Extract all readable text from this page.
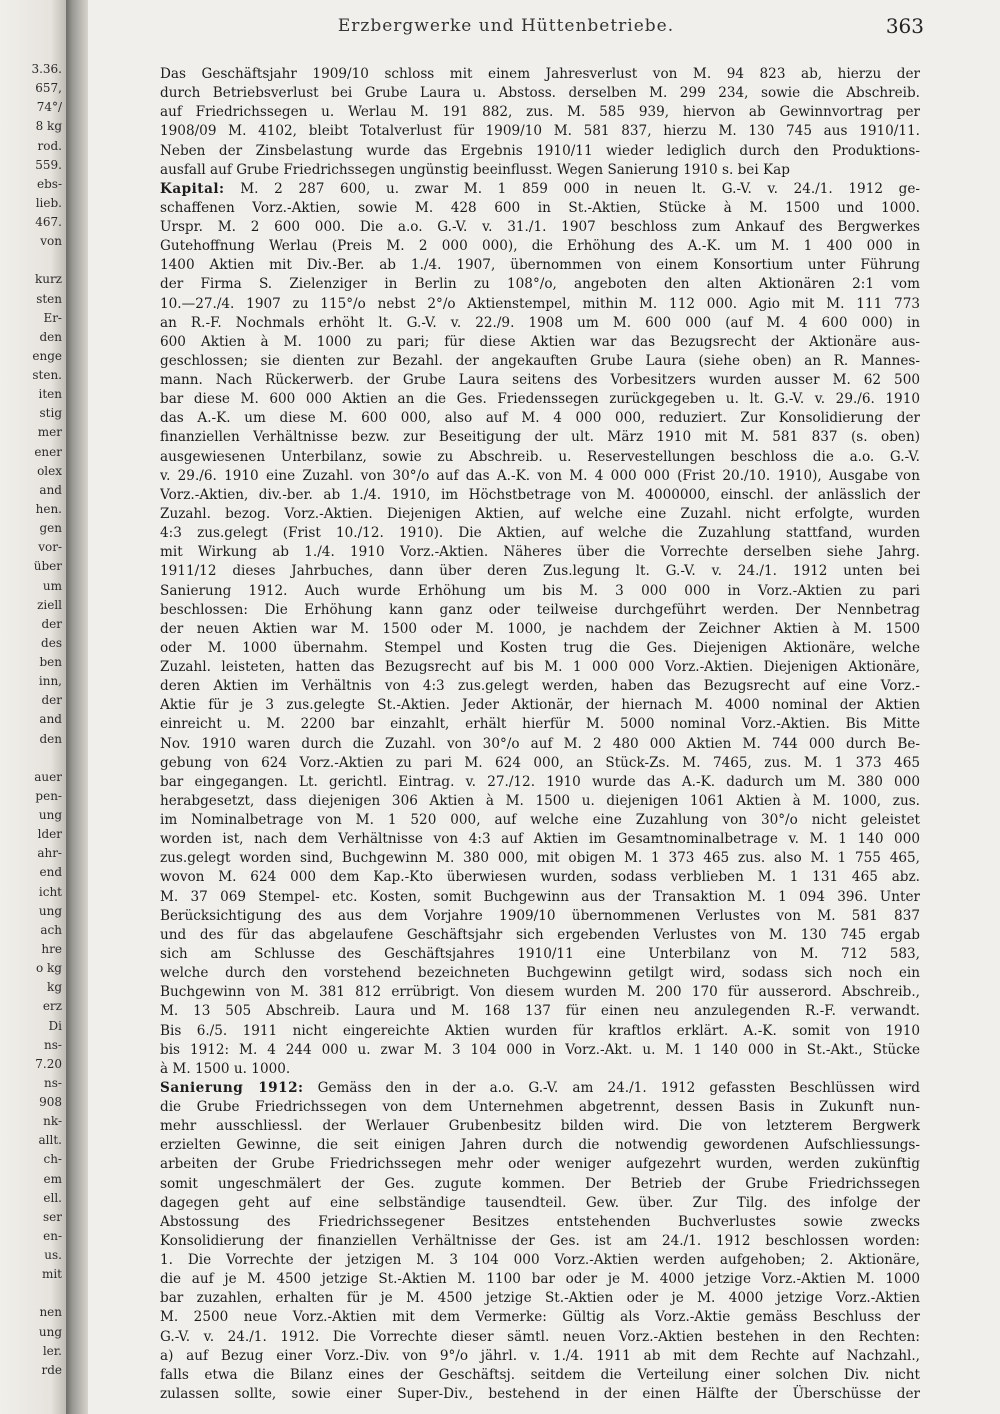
3.36.
657,
74°/
8 kg
rod.
559.
ebs-
lieb.
467.
von
kurz
sten
Er-
den
enge
sten.
iten
stig
mer
ener
olex
and
hen.
gen
vor-
über
um
ziell
der
des
ben
inn,
der
and
den
auer
pen-
ung
lder
ahr-
end
icht
ung
ach
hre
o kg
kg
erz
Di
ns-
7.20
ns-
908
nk-
allt.
ch-
em
ell.
ser
en-
us.
mit
nen
ung
ler.
rde
Erzbergwerke und Hüttenbetriebe.	363
Das Geschäftsjahr 1909/10 schloss mit einem Jahresverlust von M. 94 823 ab, hierzu der
durch Betriebsverlust bei Grube Laura u. Abstoss. derselben M. 299 234, sowie die Abschreib.
auf Friedrichssegen u. Werlau M. 191 882, zus. M. 585 939, hiervon ab Gewinnvortrag per
1908/09 M. 4102, bleibt Totalverlust für 1909/10 M. 581 837, hierzu M. 130 745 aus 1910/11.
Neben der Zinsbelastung wurde das Ergebnis 1910/11 wieder lediglich durch den Produktions-
ausfall auf Grube Friedrichssegen ungünstig beeinflusst. Wegen Sanierung 1910 s. bei Kap
Kapital: M. 2 287 600, u. zwar M. 1 859 000 in neuen lt. G.-V. v. 24./1. 1912 ge-
schaffenen Vorz.-Aktien, sowie M. 428 600 in St.-Aktien, Stücke à M. 1500 und 1000.
Urspr. M. 2 600 000. Die a.o. G.-V. v. 31./1. 1907 beschloss zum Ankauf des Bergwerkes
Gutehoffnung Werlau (Preis M. 2 000 000), die Erhöhung des A.-K. um M. 1 400 000 in
1400 Aktien mit Div.-Ber. ab 1./4. 1907, übernommen von einem Konsortium unter Führung
der Firma S. Zielenziger in Berlin zu 108°/o, angeboten den alten Aktionären 2:1 vom
10.—27./4. 1907 zu 115°/o nebst 2°/o Aktienstempel, mithin M. 112 000. Agio mit M. 111 773
an R.-F. Nochmals erhöht lt. G.-V. v. 22./9. 1908 um M. 600 000 (auf M. 4 600 000) in
600 Aktien à M. 1000 zu pari; für diese Aktien war das Bezugsrecht der Aktionäre aus-
geschlossen; sie dienten zur Bezahl. der angekauften Grube Laura (siehe oben) an R. Mannes-
mann. Nach Rückerwerb. der Grube Laura seitens des Vorbesitzers wurden ausser M. 62 500
bar diese M. 600 000 Aktien an die Ges. Friedenssegen zurückgegeben u. lt. G.-V. v. 29./6. 1910
das A.-K. um diese M. 600 000, also auf M. 4 000 000, reduziert. Zur Konsolidierung der
finanziellen Verhältnisse bezw. zur Beseitigung der ult. März 1910 mit M. 581 837 (s. oben)
ausgewiesenen Unterbilanz, sowie zu Abschreib. u. Reservestellungen beschloss die a.o. G.-V.
v. 29./6. 1910 eine Zuzahl. von 30°/o auf das A.-K. von M. 4 000 000 (Frist 20./10. 1910), Ausgabe von
Vorz.-Aktien, div.-ber. ab 1./4. 1910, im Höchstbetrage von M. 4000000, einschl. der anlässlich der
Zuzahl. bezog. Vorz.-Aktien. Diejenigen Aktien, auf welche eine Zuzahl. nicht erfolgte, wurden
4:3 zus.gelegt (Frist 10./12. 1910). Die Aktien, auf welche die Zuzahlung stattfand, wurden
mit Wirkung ab 1./4. 1910 Vorz.-Aktien. Näheres über die Vorrechte derselben siehe Jahrg.
1911/12 dieses Jahrbuches, dann über deren Zus.legung lt. G.-V. v. 24./1. 1912 unten bei
Sanierung 1912. Auch wurde Erhöhung um bis M. 3 000 000 in Vorz.-Aktien zu pari
beschlossen: Die Erhöhung kann ganz oder teilweise durchgeführt werden. Der Nennbetrag
der neuen Aktien war M. 1500 oder M. 1000, je nachdem der Zeichner Aktien à M. 1500
oder M. 1000 übernahm. Stempel und Kosten trug die Ges. Diejenigen Aktionäre, welche
Zuzahl. leisteten, hatten das Bezugsrecht auf bis M. 1 000 000 Vorz.-Aktien. Diejenigen Aktionäre,
deren Aktien im Verhältnis von 4:3 zus.gelegt werden, haben das Bezugsrecht auf eine Vorz.-
Aktie für je 3 zus.gelegte St.-Aktien. Jeder Aktionär, der hiernach M. 4000 nominal der Aktien
einreicht u. M. 2200 bar einzahlt, erhält hierfür M. 5000 nominal Vorz.-Aktien. Bis Mitte
Nov. 1910 waren durch die Zuzahl. von 30°/o auf M. 2 480 000 Aktien M. 744 000 durch Be-
gebung von 624 Vorz.-Aktien zu pari M. 624 000, an Stück-Zs. M. 7465, zus. M. 1 373 465
bar eingegangen. Lt. gerichtl. Eintrag. v. 27./12. 1910 wurde das A.-K. dadurch um M. 380 000
herabgesetzt, dass diejenigen 306 Aktien à M. 1500 u. diejenigen 1061 Aktien à M. 1000, zus.
im Nominalbetrage von M. 1 520 000, auf welche eine Zuzahlung von 30°/o nicht geleistet
worden ist, nach dem Verhältnisse von 4:3 auf Aktien im Gesamtnominalbetrage v. M. 1 140 000
zus.gelegt worden sind, Buchgewinn M. 380 000, mit obigen M. 1 373 465 zus. also M. 1 755 465,
wovon M. 624 000 dem Kap.-Kto überwiesen wurden, sodass verblieben M. 1 131 465 abz.
M. 37 069 Stempel- etc. Kosten, somit Buchgewinn aus der Transaktion M. 1 094 396. Unter
Berücksichtigung des aus dem Vorjahre 1909/10 übernommenen Verlustes von M. 581 837
und des für das abgelaufene Geschäftsjahr sich ergebenden Verlustes von M. 130 745 ergab
sich am Schlusse des Geschäftsjahres 1910/11 eine Unterbilanz von M. 712 583,
welche durch den vorstehend bezeichneten Buchgewinn getilgt wird, sodass sich noch ein
Buchgewinn von M. 381 812 errübrigt. Von diesem wurden M. 200 170 für ausserord. Abschreib.,
M. 13 505 Abschreib. Laura und M. 168 137 für einen neu anzulegenden R.-F. verwandt.
Bis 6./5. 1911 nicht eingereichte Aktien wurden für kraftlos erklärt. A.-K. somit von 1910
bis 1912: M. 4 244 000 u. zwar M. 3 104 000 in Vorz.-Akt. u. M. 1 140 000 in St.-Akt., Stücke
à M. 1500 u. 1000.
Sanierung 1912: Gemäss den in der a.o. G.-V. am 24./1. 1912 gefassten Beschlüssen wird
die Grube Friedrichssegen von dem Unternehmen abgetrennt, dessen Basis in Zukunft nun-
mehr ausschliessl. der Werlauer Grubenbesitz bilden wird. Die von letzterem Bergwerk
erzielten Gewinne, die seit einigen Jahren durch die notwendig gewordenen Aufschliessungs-
arbeiten der Grube Friedrichssegen mehr oder weniger aufgezehrt wurden, werden zukünftig
somit ungeschmälert der Ges. zugute kommen. Der Betrieb der Grube Friedrichssegen
dagegen geht auf eine selbständige tausendteil. Gew. über. Zur Tilg. des infolge der
Abstossung des Friedrichssegener Besitzes entstehenden Buchverlustes sowie zwecks
Konsolidierung der finanziellen Verhältnisse der Ges. ist am 24./1. 1912 beschlossen worden:
1. Die Vorrechte der jetzigen M. 3 104 000 Vorz.-Aktien werden aufgehoben; 2. Aktionäre,
die auf je M. 4500 jetzige St.-Aktien M. 1100 bar oder je M. 4000 jetzige Vorz.-Aktien M. 1000
bar zuzahlen, erhalten für je M. 4500 jetzige St.-Aktien oder je M. 4000 jetzige Vorz.-Aktien
M. 2500 neue Vorz.-Aktien mit dem Vermerke: Gültig als Vorz.-Aktie gemäss Beschluss der
G.-V. v. 24./1. 1912. Die Vorrechte dieser sämtl. neuen Vorz.-Aktien bestehen in den Rechten:
a) auf Bezug einer Vorz.-Div. von 9°/o jährl. v. 1./4. 1911 ab mit dem Rechte auf Nachzahl.,
falls etwa die Bilanz eines der Geschäftsj. seitdem die Verteilung einer solchen Div. nicht
zulassen sollte, sowie einer Super-Div., bestehend in der einen Hälfte der Überschüsse der
